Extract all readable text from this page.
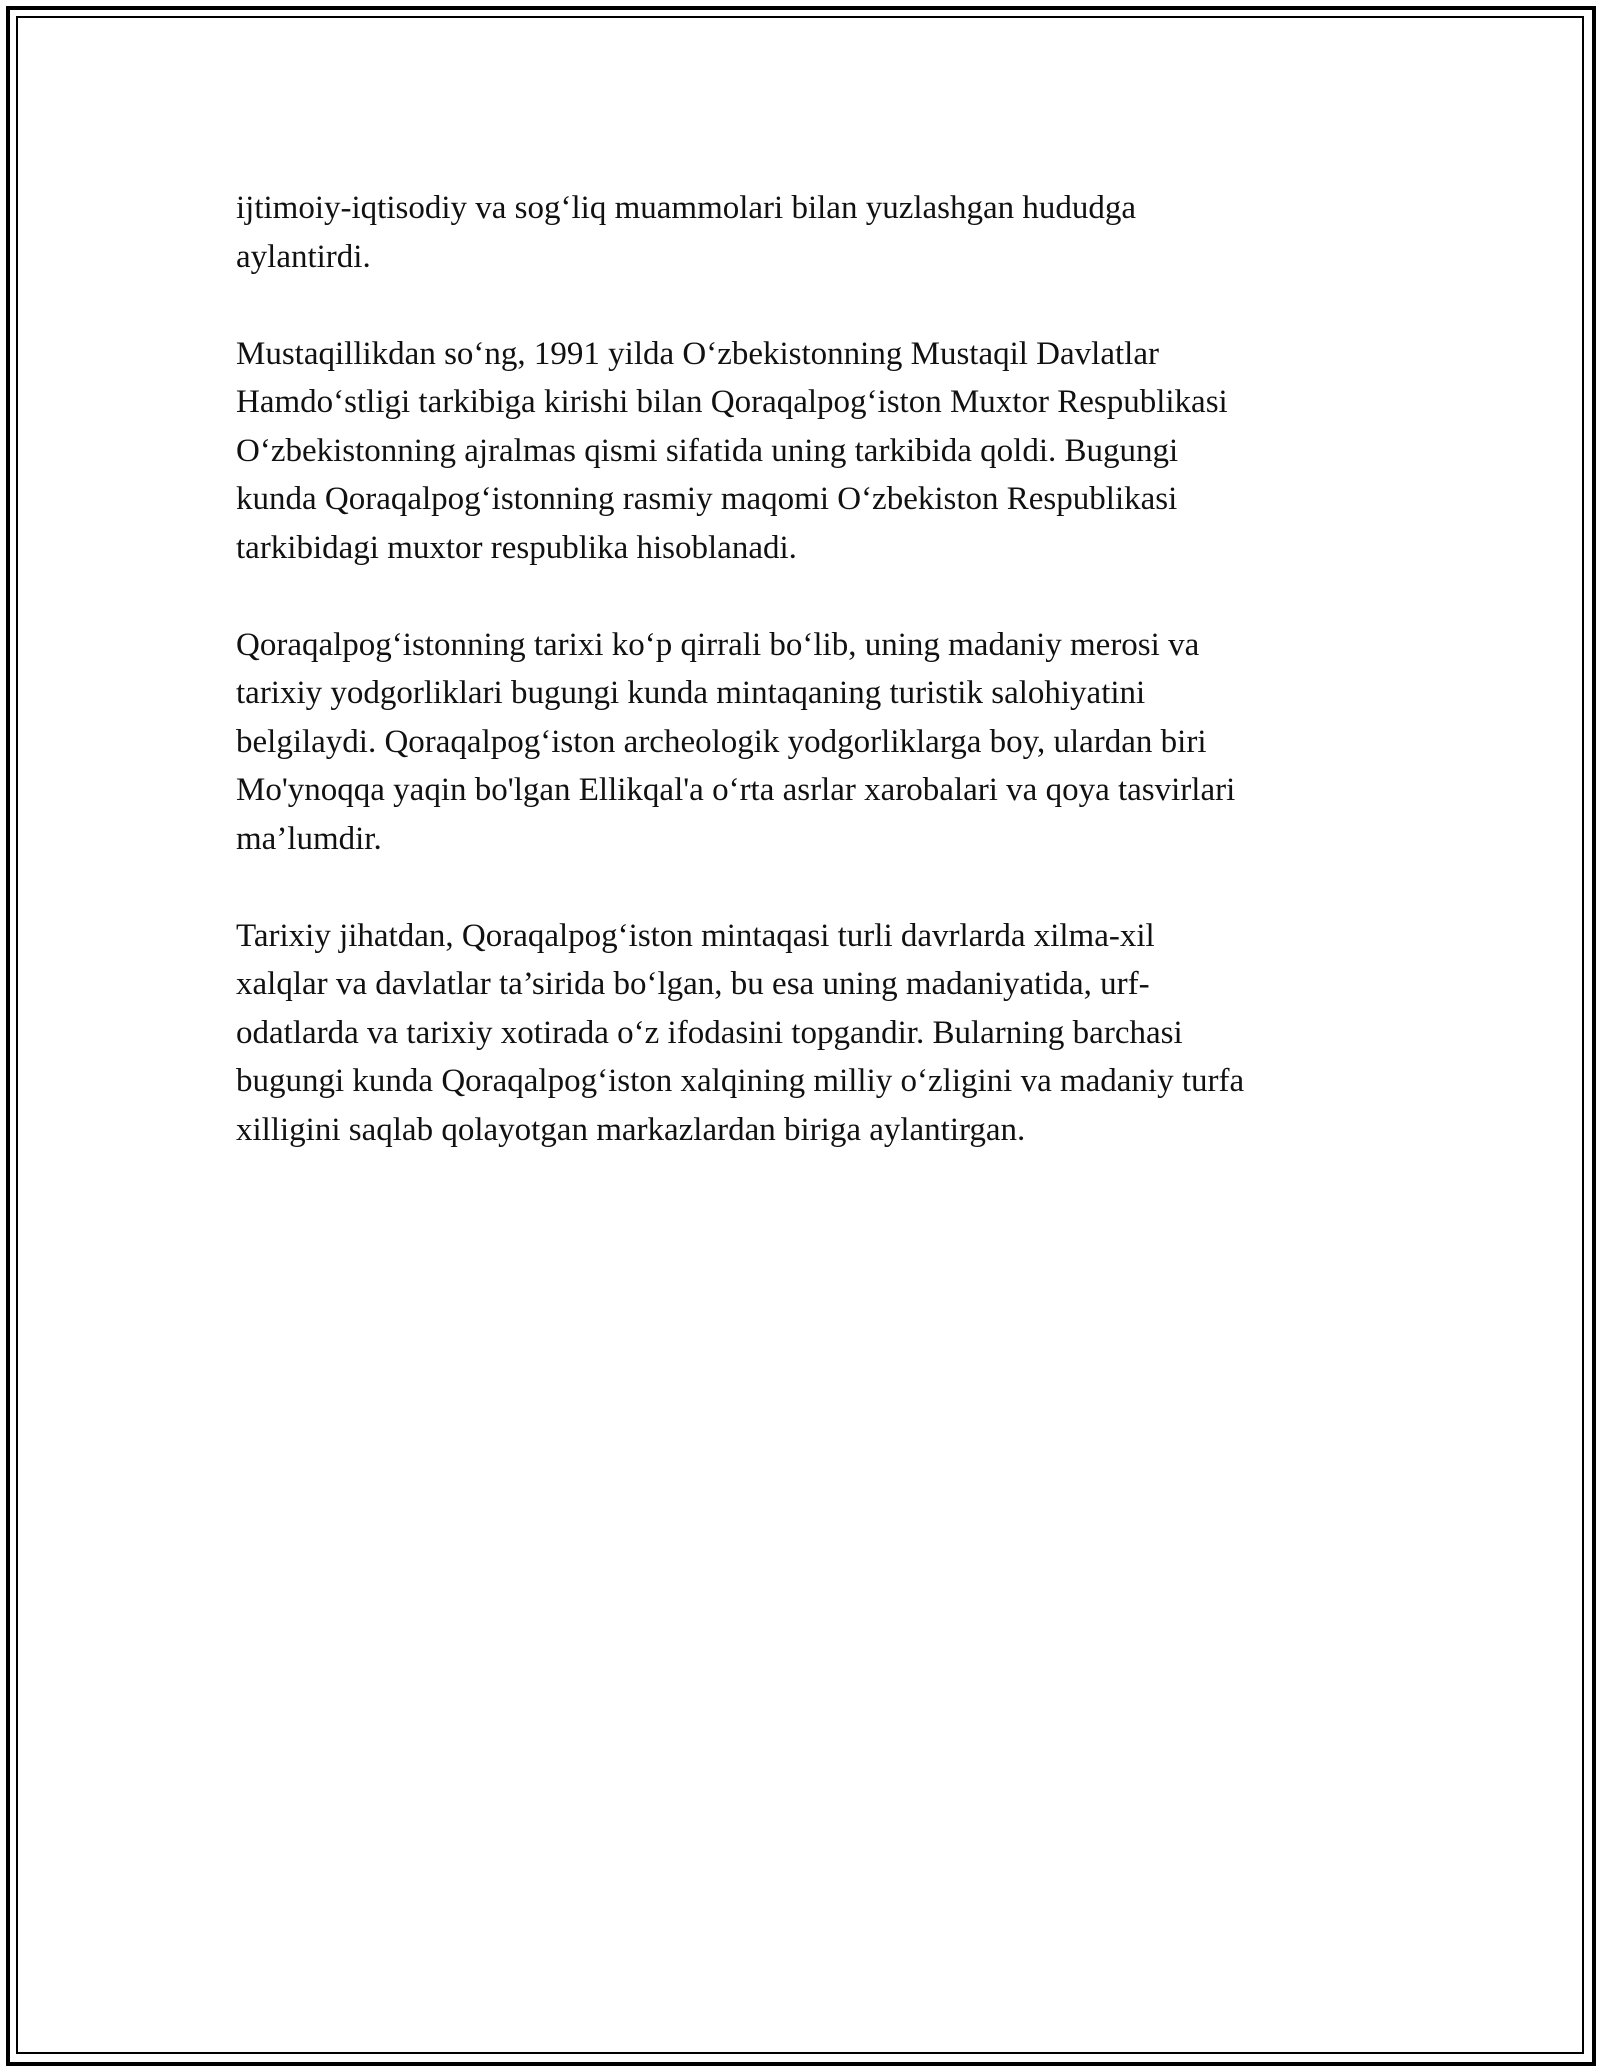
ijtimoiy-iqtisodiy va sog‘liq muammolari bilan yuzlashgan hududga
aylantirdi.

Mustaqillikdan so‘ng, 1991 yilda O‘zbekistonning Mustaqil Davlatlar
Hamdo‘stligi tarkibiga kirishi bilan Qoraqalpog‘iston Muxtor Respublikasi
O‘zbekistonning ajralmas qismi sifatida uning tarkibida qoldi. Bugungi
kunda Qoraqalpog‘istonning rasmiy maqomi O‘zbekiston Respublikasi
tarkibidagi muxtor respublika hisoblanadi.

Qoraqalpog‘istonning tarixi ko‘p qirrali bo‘lib, uning madaniy merosi va
tarixiy yodgorliklari bugungi kunda mintaqaning turistik salohiyatini
belgilaydi. Qoraqalpog‘iston archeologik yodgorliklarga boy, ulardan biri
Mo'ynoqqa yaqin bo'lgan Ellikqal'a o‘rta asrlar xarobalari va qoya tasvirlari
ma’lumdir.

Tarixiy jihatdan, Qoraqalpog‘iston mintaqasi turli davrlarda xilma-xil
xalqlar va davlatlar ta’sirida bo‘lgan, bu esa uning madaniyatida, urf-
odatlarda va tarixiy xotirada o‘z ifodasini topgandir. Bularning barchasi
bugungi kunda Qoraqalpog‘iston xalqining milliy o‘zligini va madaniy turfa
xilligini saqlab qolayotgan markazlardan biriga aylantirgan.
